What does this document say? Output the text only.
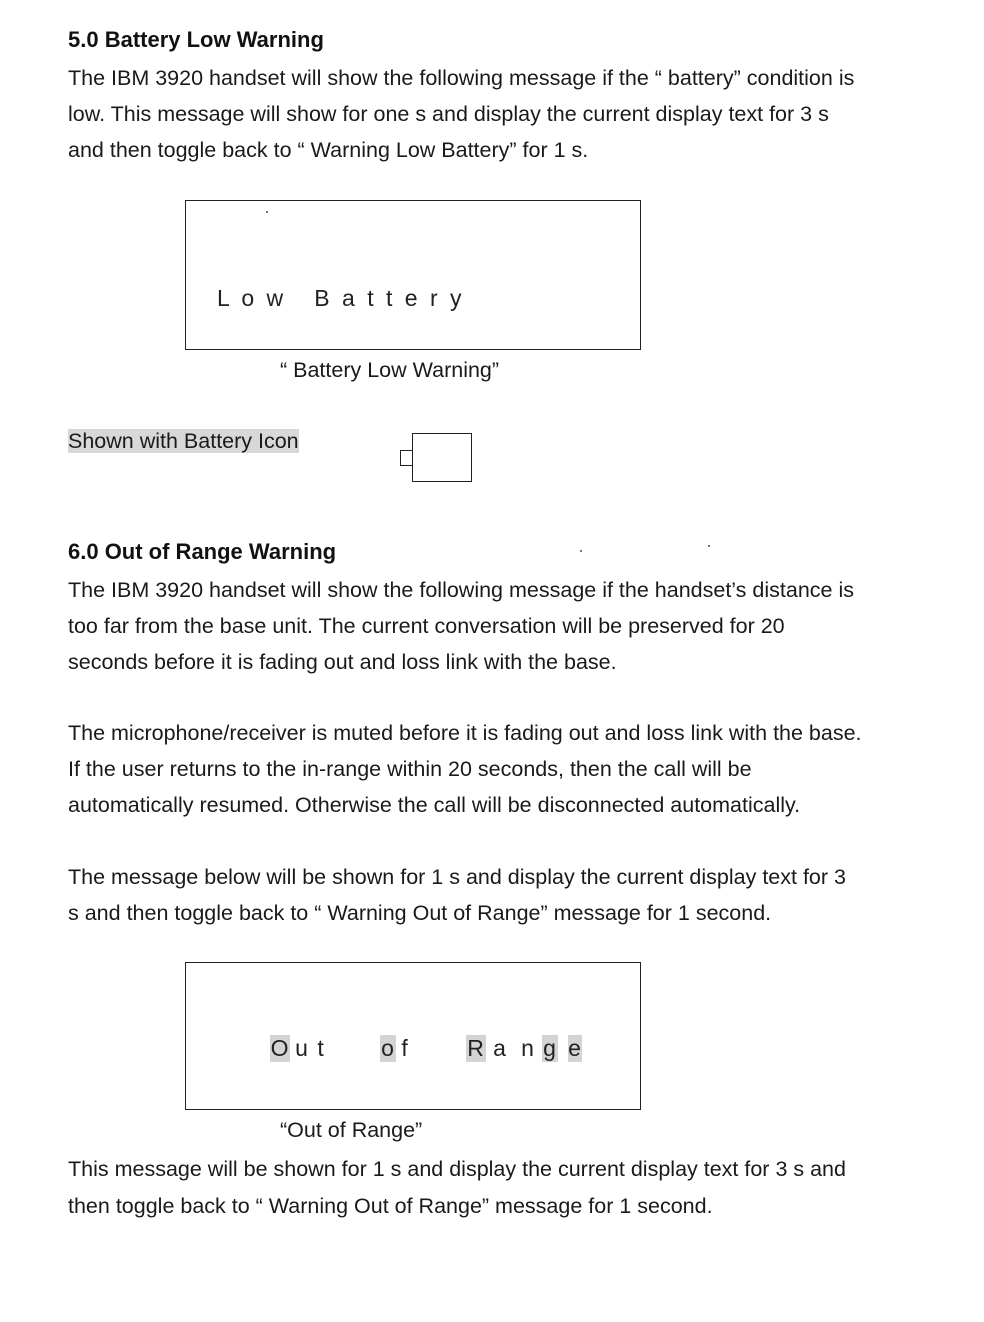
5.0 Battery Low Warning

The IBM 3920 handset will show the following message if the “ battery” condition is

low. This message will show for one s and display the current display text for 3 s

and then toggle back to “ Warning Low Battery” for 1 s.

L o w   B a t t e r y

“ Battery Low Warning”

Shown with Battery Icon

6.0 Out of Range Warning

The IBM 3920 handset will show the following message if the handset’s distance is

too far from the base unit. The current conversation will be preserved for 20

seconds before it is fading out and loss link with the base.

The microphone/receiver is muted before it is fading out and loss link with the base.

If the user returns to the in-range within 20 seconds, then the call will be

automatically resumed. Otherwise the call will be disconnected automatically.

The message below will be shown for 1 s and display the current display text for 3

s and then toggle back to “ Warning Out of Range” message for 1 second.

O u t o f	R a n g e

“Out of Range”

This message will be shown for 1 s and display the current display text for 3 s and

then toggle back to “ Warning Out of Range” message for 1 second.
